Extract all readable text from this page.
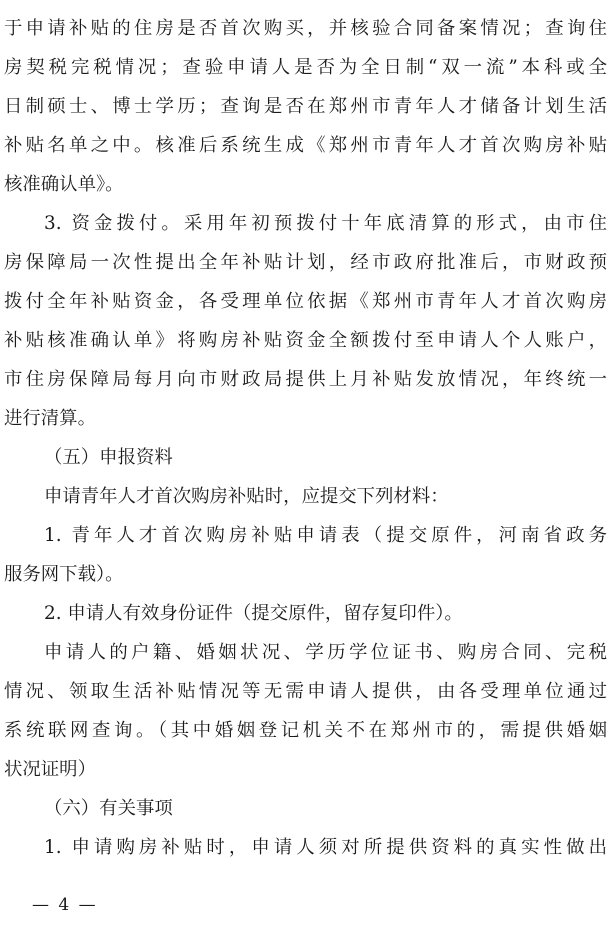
于申请补贴的住房是否首次购买，并核验合同备案情况；查询住
房契税完税情况；查验申请人是否为全日制“双一流”本科或全
日制硕士、博士学历；查询是否在郑州市青年人才储备计划生活
补贴名单之中。核准后系统生成《郑州市青年人才首次购房补贴
核准确认单》。
3. 资金拨付。采用年初预拨付十年底清算的形式，由市住
房保障局一次性提出全年补贴计划，经市政府批准后，市财政预
拨付全年补贴资金，各受理单位依据《郑州市青年人才首次购房
补贴核准确认单》将购房补贴资金全额拨付至申请人个人账户，
市住房保障局每月向市财政局提供上月补贴发放情况，年终统一
进行清算。
（五）申报资料
申请青年人才首次购房补贴时，应提交下列材料：
1. 青年人才首次购房补贴申请表（提交原件，河南省政务
服务网下载）。
2. 申请人有效身份证件（提交原件，留存复印件）。
申请人的户籍、婚姻状况、学历学位证书、购房合同、完税
情况、领取生活补贴情况等无需申请人提供，由各受理单位通过
系统联网查询。（其中婚姻登记机关不在郑州市的，需提供婚姻
状况证明）
（六）有关事项
1. 申请购房补贴时，申请人须对所提供资料的真实性做出
— 4 —
